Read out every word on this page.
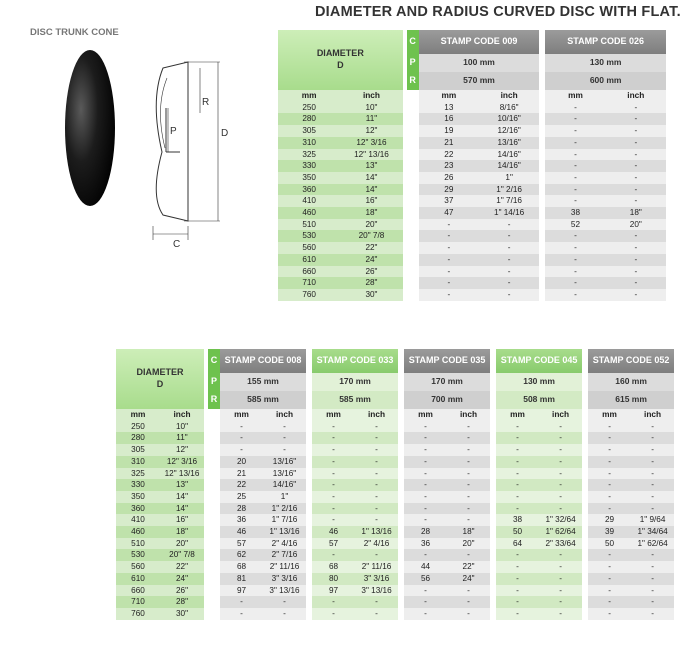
DIAMETER AND RADIUS CURVED DISC WITH FLAT.
DISC TRUNK CONE
R
P	D
C
DIAMETER
D			C	STAMP CODE 009			STAMP CODE 026	
			P	100 mm			130 mm	
			R	570 mm			600 mm	
mm	inch			mm	inch		mm	inch
250	10"			13	8/16"		-	-
280	11"			16	10/16"		-	-
305	12"			19	12/16"		-	-
310	12" 3/16			21	13/16"		-	-
325	12" 13/16			22	14/16"		-	-
330	13"			23	14/16"		-	-
350	14"			26	1"		-	-
360	14"			29	1" 2/16		-	-
410	16"			37	1" 7/16		-	-
460	18"			47	1" 14/16		38	18"
510	20"			-	-		52	20"
530	20" 7/8			-	-		-	-
560	22"			-	-		-	-
610	24"			-	-		-	-
660	26"			-	-		-	-
710	28"			-	-		-	-
760	30"			-	-		-	-
DIAMETER
D			C	STAMP CODE 008			STAMP CODE 033			STAMP CODE 035			STAMP CODE 045			STAMP CODE 052	
			P	155 mm			170 mm			170 mm			130 mm			160 mm	
			R	585 mm			585 mm			700 mm			508 mm			615 mm	
mm	inch			mm	inch		mm	inch		mm	inch		mm	inch		mm	inch
250	10"			-	-		-	-		-	-		-	-		-	-
280	11"			-	-		-	-		-	-		-	-		-	-
305	12"			-	-		-	-		-	-		-	-		-	-
310	12" 3/16			20	13/16"		-	-		-	-		-	-		-	-
325	12" 13/16			21	13/16"		-	-		-	-		-	-		-	-
330	13"			22	14/16"		-	-		-	-		-	-		-	-
350	14"			25	1"		-	-		-	-		-	-		-	-
360	14"			28	1" 2/16		-	-		-	-		-	-		-	-
410	16"			36	1" 7/16		-	-		-	-		38	1" 32/64		29	1" 9/64
460	18"			46	1" 13/16		46	1" 13/16		28	18"		50	1" 62/64		39	1" 34/64
510	20"			57	2" 4/16		57	2" 4/16		36	20"		64	2" 33/64		50	1" 62/64
530	20" 7/8			62	2" 7/16		-	-		-	-		-	-		-	-
560	22"			68	2" 11/16		68	2" 11/16		44	22"		-	-		-	-
610	24"			81	3" 3/16		80	3" 3/16		56	24"		-	-		-	-
660	26"			97	3" 13/16		97	3" 13/16		-	-		-	-		-	-
710	28"			-	-		-	-		-	-		-	-		-	-
760	30"			-	-		-	-		-	-		-	-		-	-
